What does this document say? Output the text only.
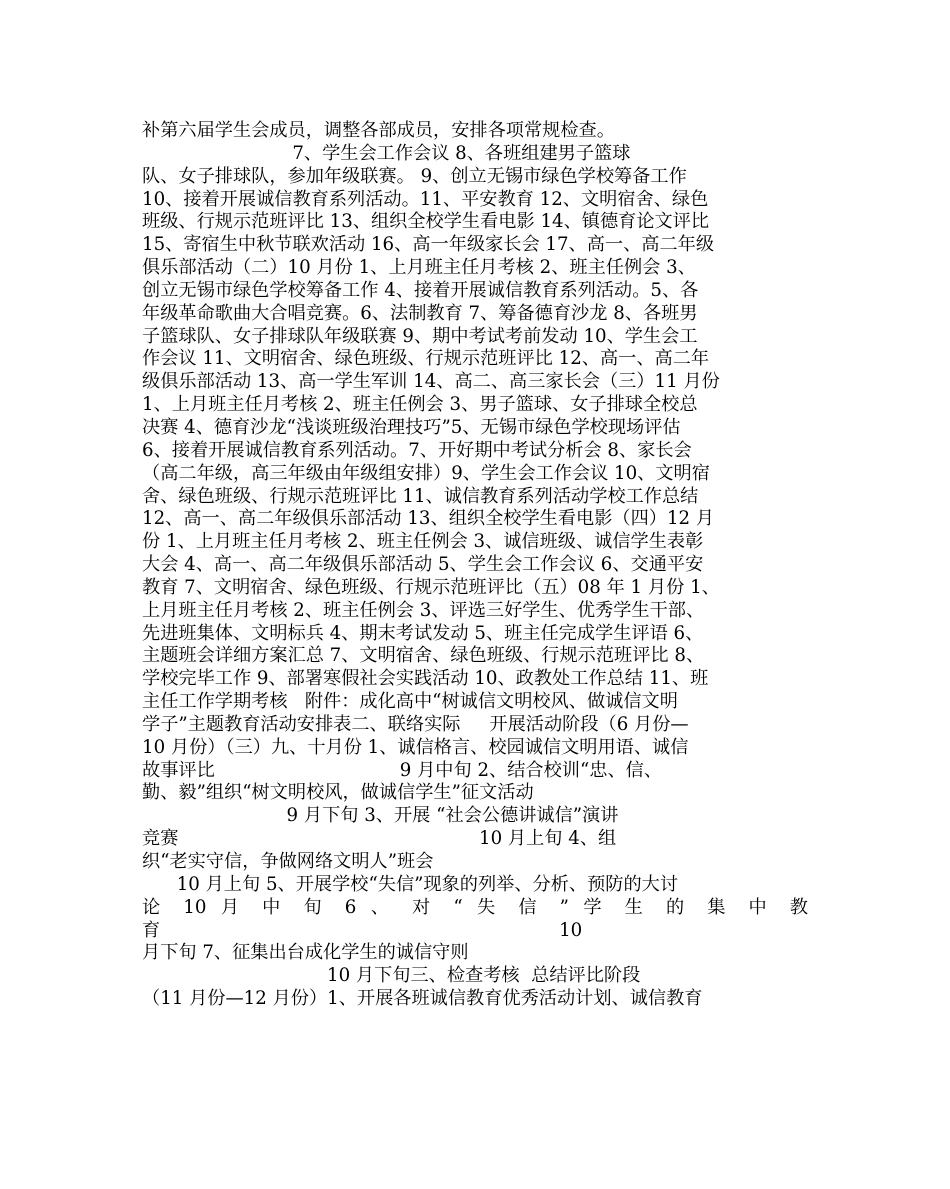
补第六届学生会成员，调整各部成员，安排各项常规检查。
7、学生会工作会议 8、各班组建男子篮球
队、女子排球队，参加年级联赛。 9、创立无锡市绿色学校筹备工作
10、接着开展诚信教育系列活动。11、平安教育 12、文明宿舍、绿色
班级、行规示范班评比 13、组织全校学生看电影 14、镇德育论文评比
15、寄宿生中秋节联欢活动 16、高一年级家长会 17、高一、高二年级
俱乐部活动（二）10 月份 1、上月班主任月考核 2、班主任例会 3、
创立无锡市绿色学校筹备工作 4、接着开展诚信教育系列活动。5、各
年级革命歌曲大合唱竞赛。6、法制教育 7、筹备德育沙龙 8、各班男
子篮球队、女子排球队年级联赛 9、期中考试考前发动 10、学生会工
作会议 11、文明宿舍、绿色班级、行规示范班评比 12、高一、高二年
级俱乐部活动 13、高一学生军训 14、高二、高三家长会（三）11 月份
1、上月班主任月考核 2、班主任例会 3、男子篮球、女子排球全校总
决赛 4、德育沙龙“浅谈班级治理技巧”5、无锡市绿色学校现场评估
6、接着开展诚信教育系列活动。7、开好期中考试分析会 8、家长会
（高二年级，高三年级由年级组安排）9、学生会工作会议 10、文明宿
舍、绿色班级、行规示范班评比 11、诚信教育系列活动学校工作总结
12、高一、高二年级俱乐部活动 13、组织全校学生看电影（四）12 月
份 1、上月班主任月考核 2、班主任例会 3、诚信班级、诚信学生表彰
大会 4、高一、高二年级俱乐部活动 5、学生会工作会议 6、交通平安
教育 7、文明宿舍、绿色班级、行规示范班评比（五）08 年 1 月份 1、
上月班主任月考核 2、班主任例会 3、评选三好学生、优秀学生干部、
先进班集体、文明标兵 4、期末考试发动 5、班主任完成学生评语 6、
主题班会详细方案汇总 7、文明宿舍、绿色班级、行规示范班评比 8、
学校完毕工作 9、部署寒假社会实践活动 10、政教处工作总结 11、班
主任工作学期考核   附件：成化高中“树诚信文明校风、做诚信文明
学子”主题教育活动安排表二、联络实际     开展活动阶段（6 月份—
10 月份）（三）九、十月份 1、诚信格言、校园诚信文明用语、诚信
故事评比                                9 月中旬 2、结合校训“忠、信、
勤、毅”组织“树文明校风，做诚信学生”征文活动
9 月下旬 3、开展 “社会公德讲诚信”演讲
竞赛                                                    10 月上旬 4、组
织“老实守信，争做网络文明人”班会
10 月上旬 5、开展学校“失信”现象的列举、分析、预防的大讨
论 10 月 中 旬 6 、 对 “ 失 信 ” 学 生 的 集 中 教
育                                                                     10
月下旬 7、征集出台成化学生的诚信守则
10 月下旬三、检查考核  总结评比阶段
（11 月份—12 月份）1、开展各班诚信教育优秀活动计划、诚信教育
